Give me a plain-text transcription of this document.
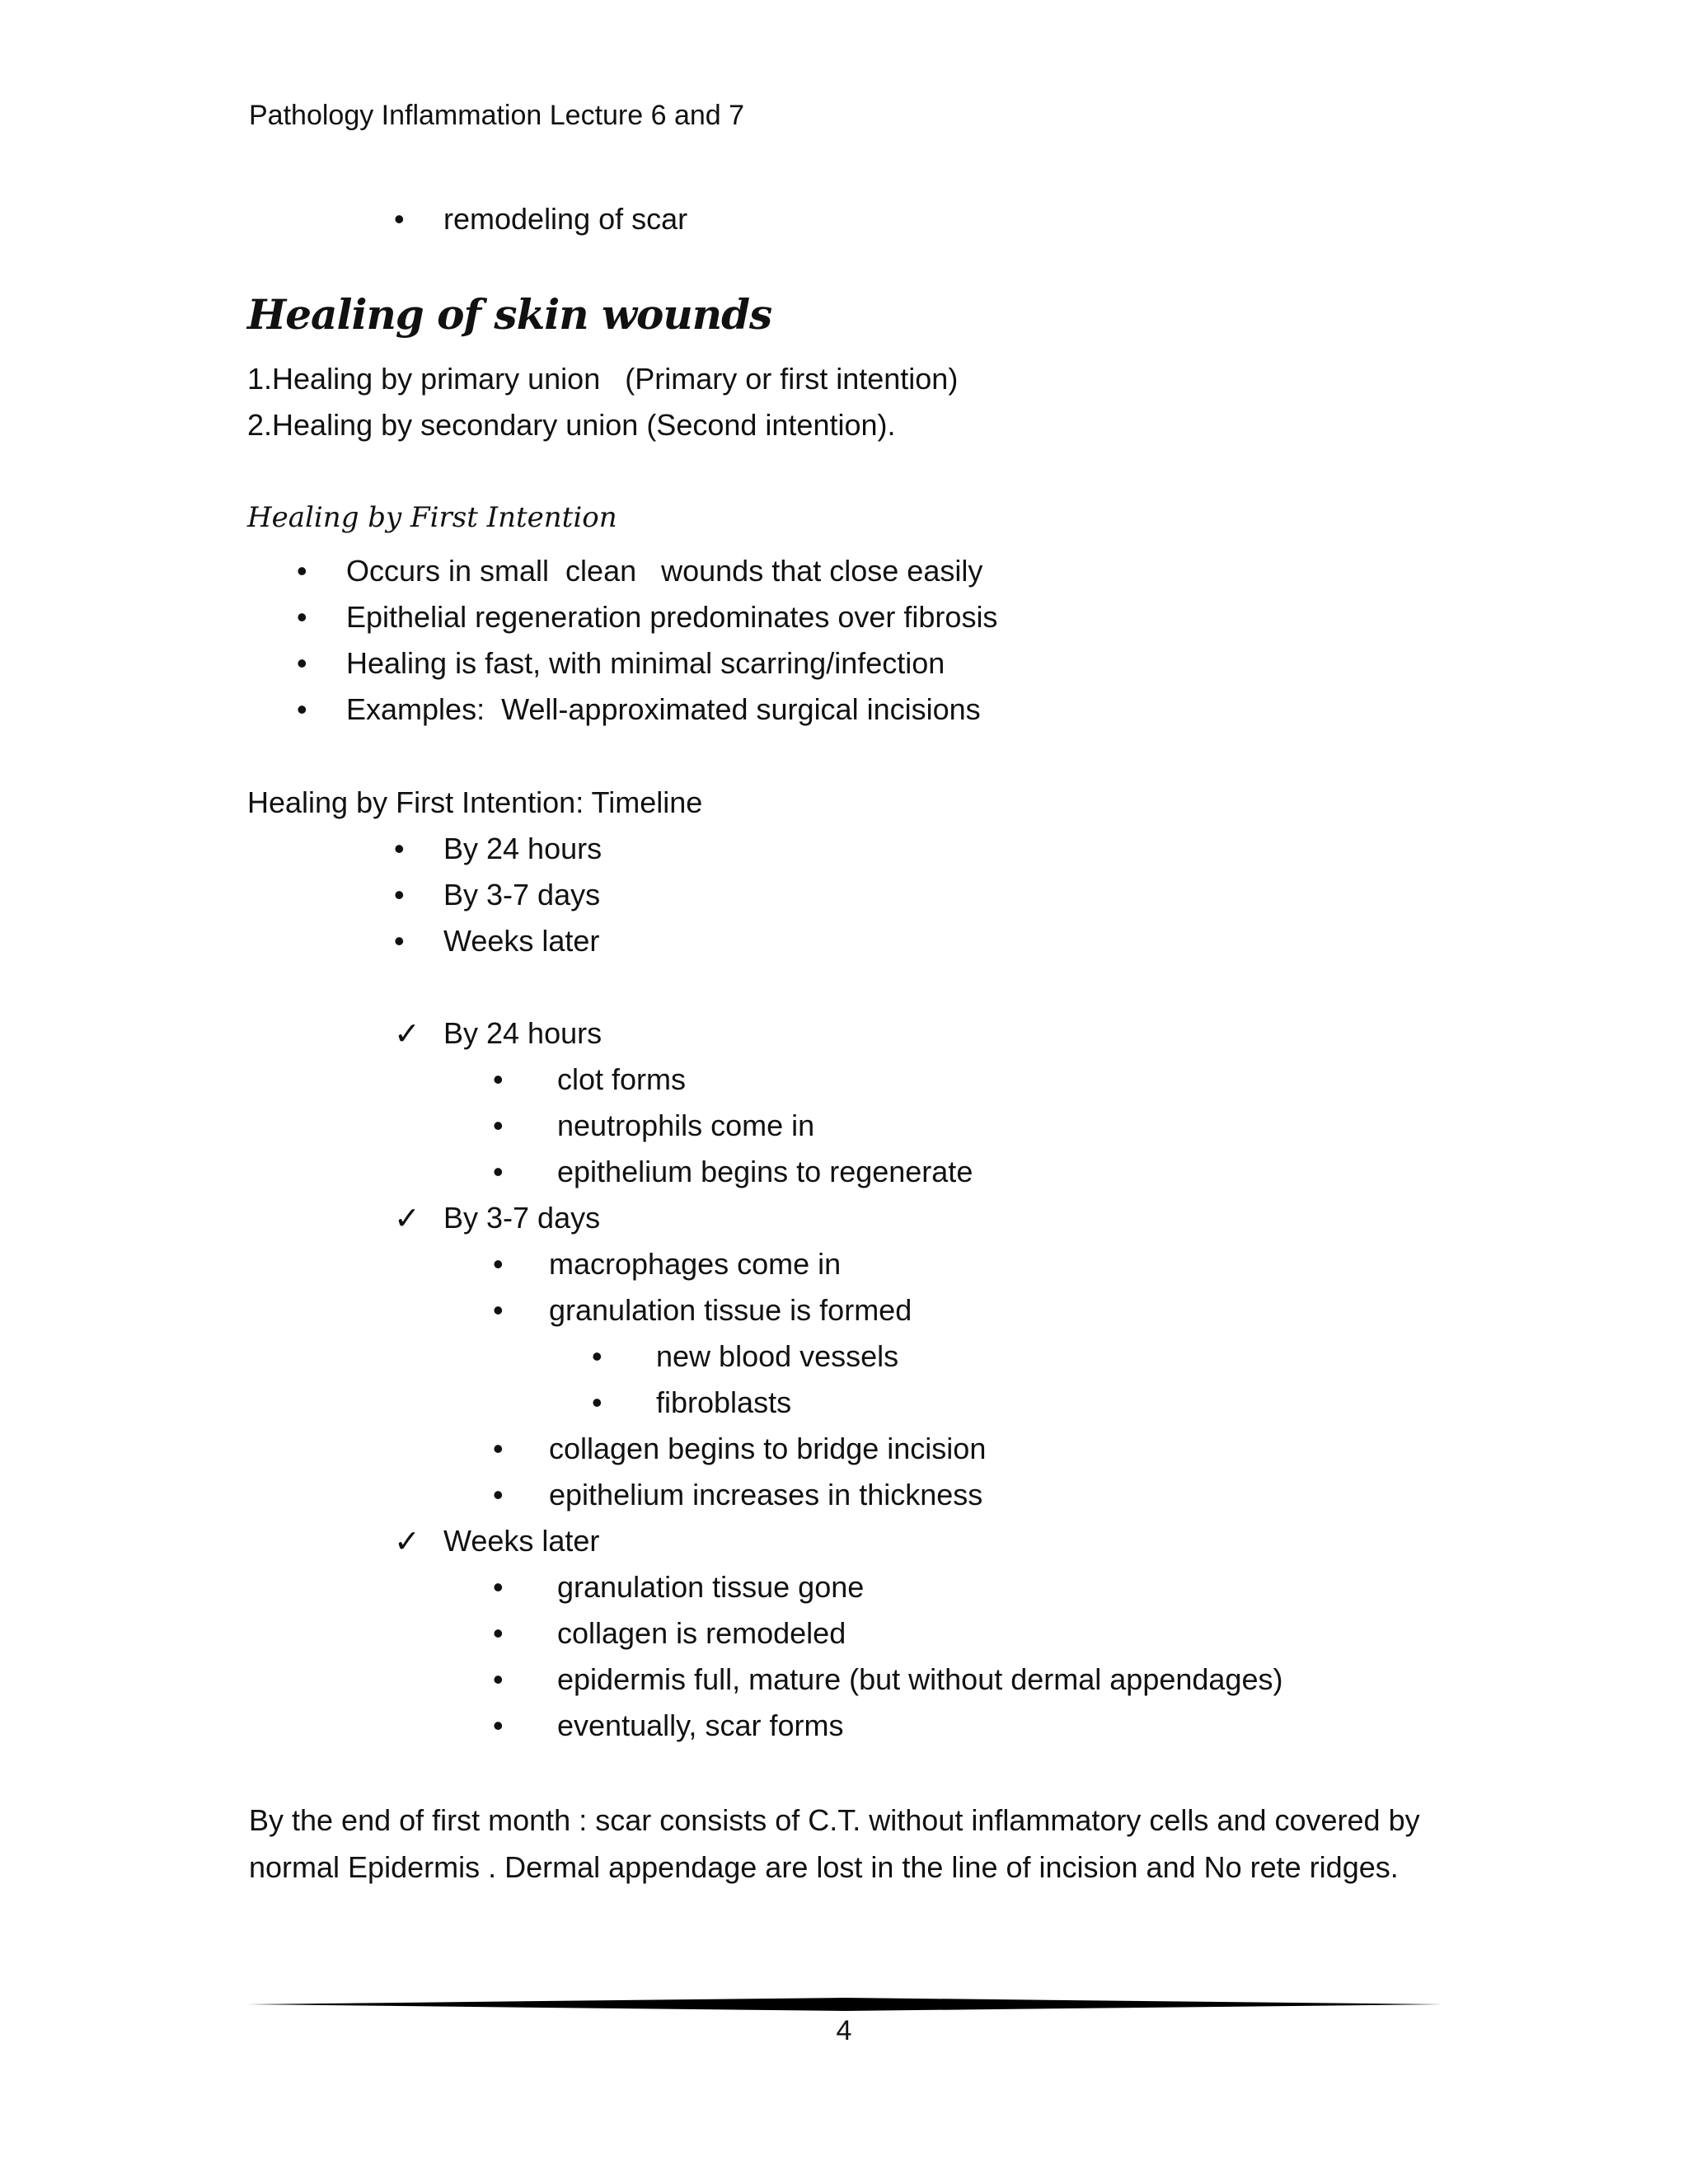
Pathology Inflammation Lecture 6 and 7
• remodeling of scar
Healing of skin wounds
1.Healing by primary union   (Primary or first intention)
2.Healing by secondary union (Second intention).
Healing by First Intention
• Occurs in small  clean   wounds that close easily
• Epithelial regeneration predominates over fibrosis
• Healing is fast, with minimal scarring/infection
• Examples:  Well-approximated surgical incisions
Healing by First Intention: Timeline
• By 24 hours
• By 3-7 days
• Weeks later
✓ By 24 hours
• clot forms
• neutrophils come in
• epithelium begins to regenerate
✓ By 3-7 days
• macrophages come in
• granulation tissue is formed
• new blood vessels
• fibroblasts
• collagen begins to bridge incision
• epithelium increases in thickness
✓ Weeks later
• granulation tissue gone
• collagen is remodeled
• epidermis full, mature (but without dermal appendages)
• eventually, scar forms
By the end of first month : scar consists of C.T. without inflammatory cells and covered by normal Epidermis . Dermal appendage are lost in the line of incision and No rete ridges.
4
